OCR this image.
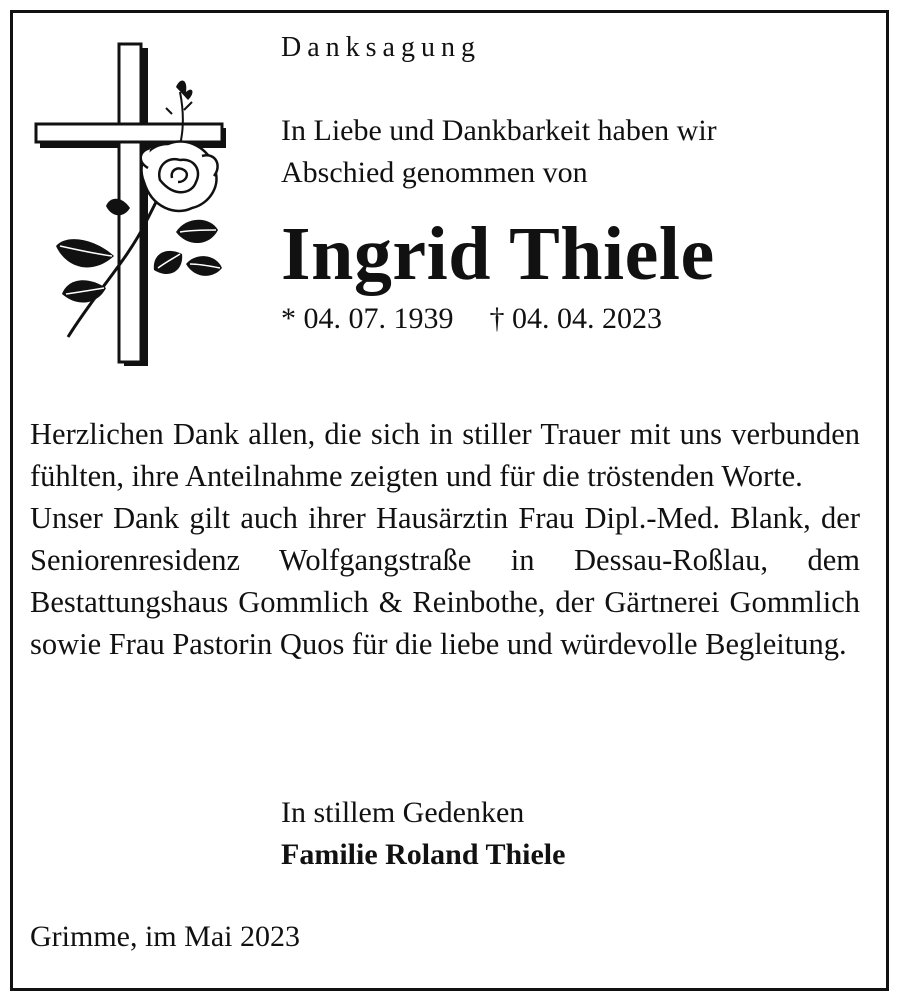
Danksagung

In Liebe und Dankbarkeit haben wir
Abschied genommen von
Ingrid Thiele
* 04. 07. 1939 † 04. 04. 2023

Herzlichen Dank allen, die sich in stiller Trauer mit uns verbunden fühlten, ihre Anteilnahme zeigten und für die tröstenden Worte.

Unser Dank gilt auch ihrer Hausärztin Frau Dipl.-Med. Blank, der Seniorenresidenz Wolfgangstraße in Dessau-Roßlau, dem Bestattungshaus Gommlich & Reinbothe, der Gärtnerei Gommlich sowie Frau Pastorin Quos für die liebe und würdevolle Begleitung.

In stillem Gedenken
Familie Roland Thiele
Grimme, im Mai 2023
